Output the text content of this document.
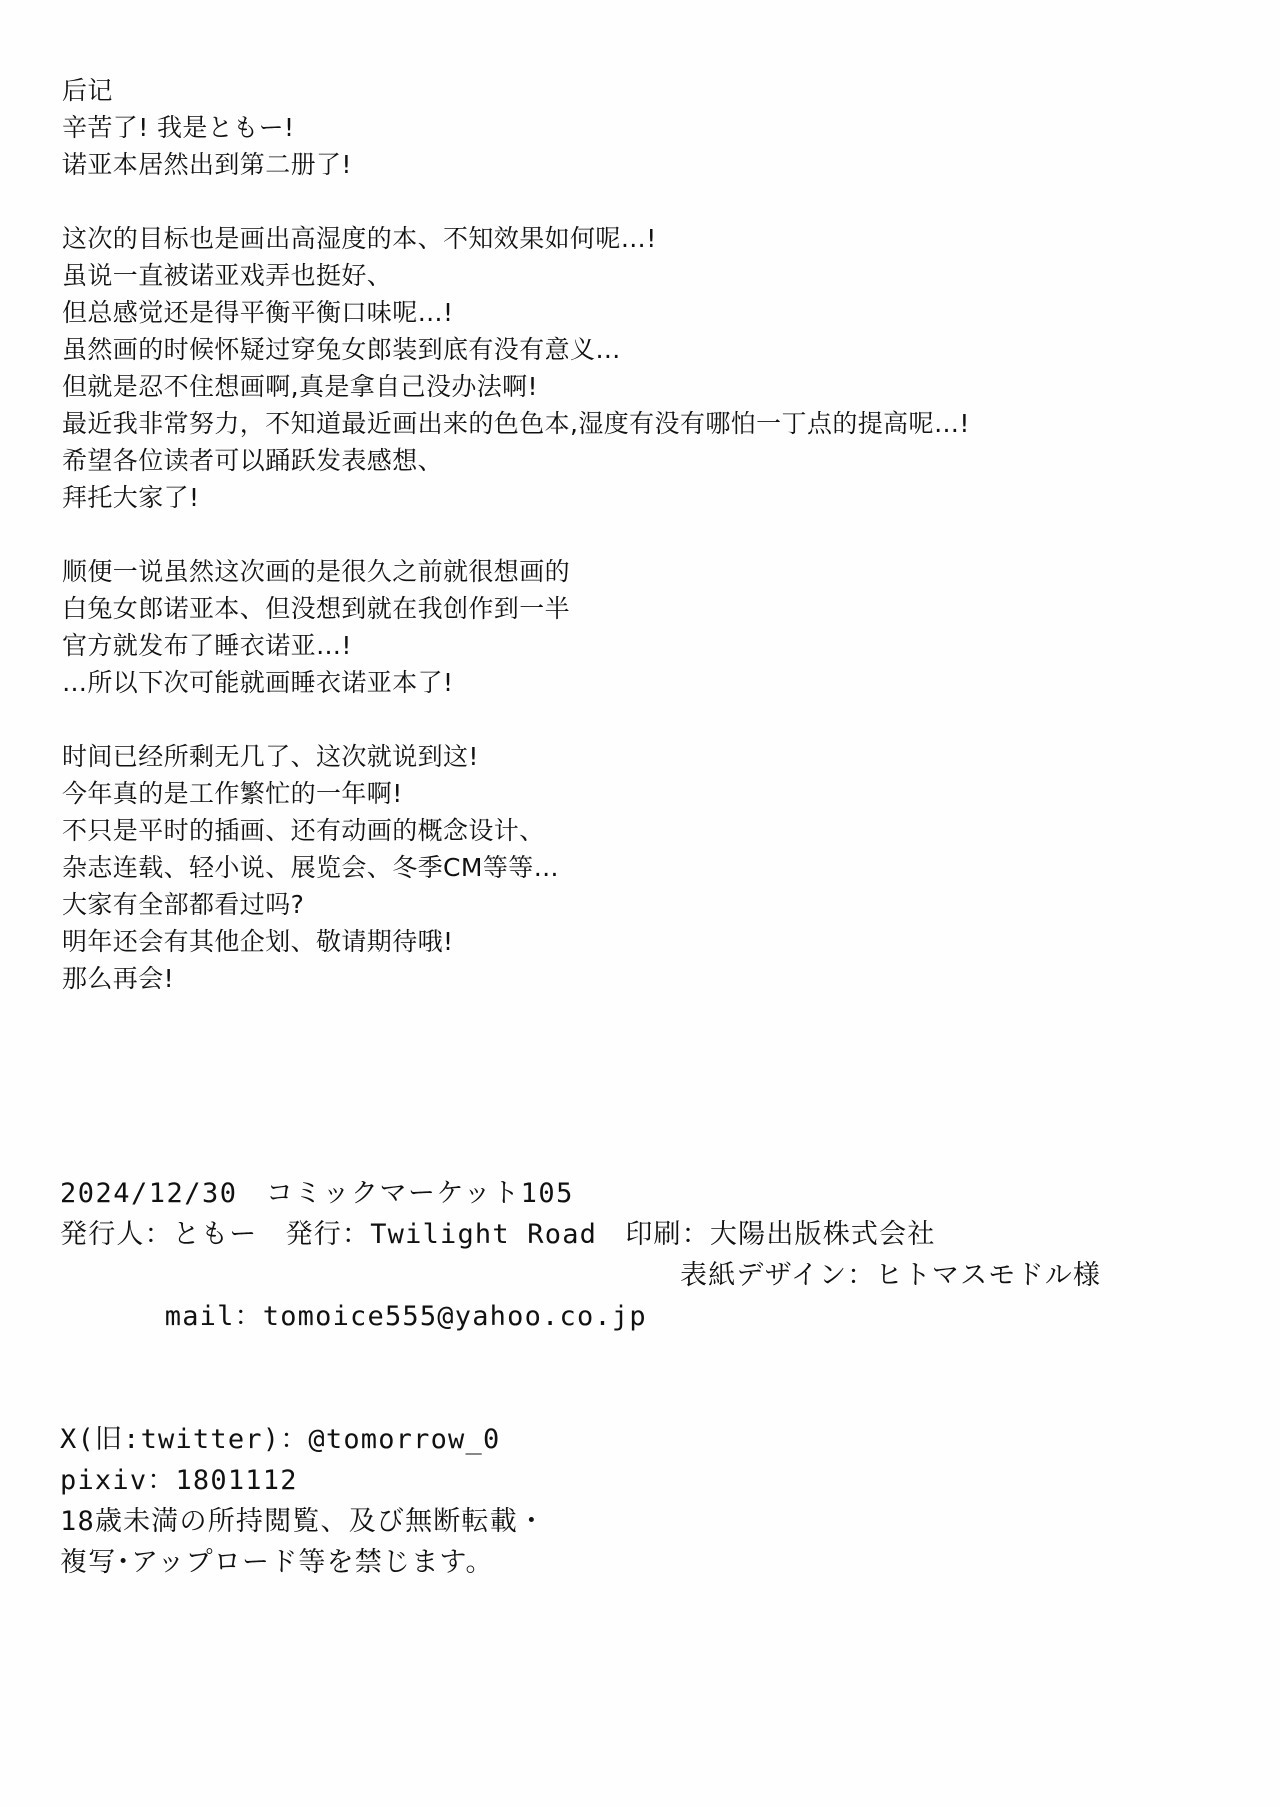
后记
辛苦了! 我是ともー!
诺亚本居然出到第二册了!
这次的目标也是画出高湿度的本、不知效果如何呢…!
虽说一直被诺亚戏弄也挺好、
但总感觉还是得平衡平衡口味呢…!
虽然画的时候怀疑过穿兔女郎装到底有没有意义…
但就是忍不住想画啊,真是拿自己没办法啊!
最近我非常努力，不知道最近画出来的色色本,湿度有没有哪怕一丁点的提高呢…!
希望各位读者可以踊跃发表感想、
拜托大家了!
顺便一说虽然这次画的是很久之前就很想画的
白兔女郎诺亚本、但没想到就在我创作到一半
官方就发布了睡衣诺亚…!
…所以下次可能就画睡衣诺亚本了!
时间已经所剩无几了、这次就说到这!
今年真的是工作繁忙的一年啊!
不只是平时的插画、还有动画的概念设计、
杂志连载、轻小说、展览会、冬季CM等等…
大家有全部都看过吗?
明年还会有其他企划、敬请期待哦!
那么再会!
2024/12/30　コミックマーケット105
発行人：ともー　発行：Twilight Road　印刷：大陽出版株式会社

mail：tomoice555@yahoo.co.jp

表紙デザイン：ヒトマスモドル様

X(旧:twitter)：@tomorrow_0
pixiv：1801112
18歳未満の所持閲覧、及び無断転載・
複写･アップロード等を禁じます。
